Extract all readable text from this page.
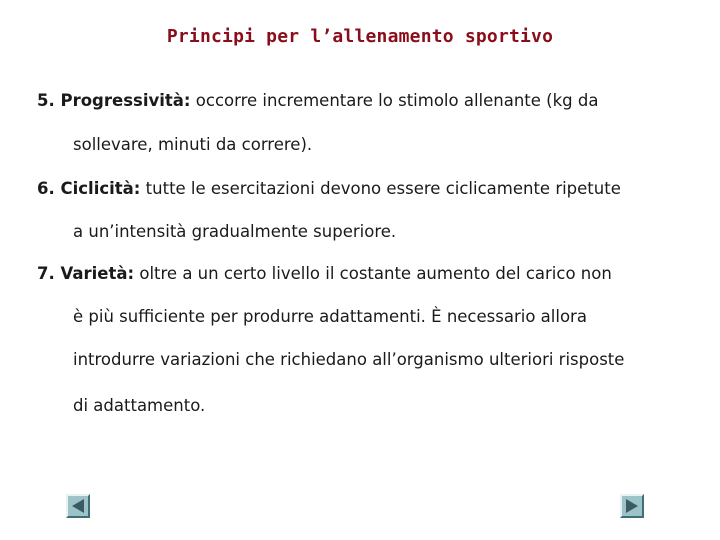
Principi per l’allenamento sportivo
5. Progressività: occorre incrementare lo stimolo allenante (kg da
sollevare, minuti da correre).
6. Ciclicità: tutte le esercitazioni devono essere ciclicamente ripetute
a un’intensità gradualmente superiore.
7. Varietà: oltre a un certo livello il costante aumento del carico non
è più sufficiente per produrre adattamenti. È necessario allora
introdurre variazioni che richiedano all’organismo ulteriori risposte
di adattamento.
